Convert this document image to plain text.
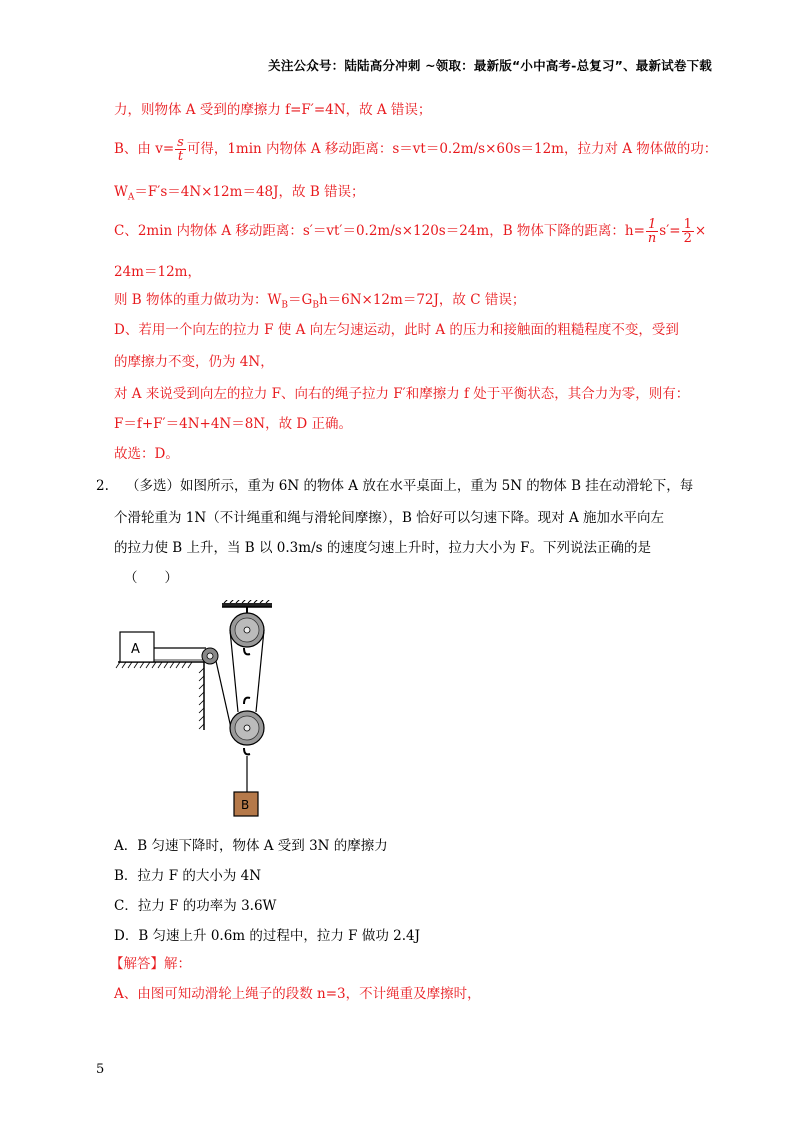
关注公众号：陆陆高分冲刺 ~领取：最新版“小中高考-总复习”、最新试卷下载
力，则物体 A 受到的摩擦力 f=F′=4N，故 A 错误；
B、由 $v= \frac{s}{t}$ 可得，1min 内物体 A 移动距离：s＝vt＝0.2m/s×60s＝12m，拉力对 A 物体做的功：
$W_A=F's=4N\times 12m=48J$，故 B 错误；
C、2min 内物体 A 移动距离：s′＝vt′＝0.2m/s×120s＝24m，B 物体下降的距离：$h= \frac{1}{n} s'= \frac{1}{2}$ ×
24m＝12m，
则 B 物体的重力做功为：$W_B=G_Bh=6N\times 12m=72J$，故 C 错误；
D、若用一个向左的拉力 F 使 A 向左匀速运动，此时 A 的压力和接触面的粗糙程度不变，受到
的摩擦力不变，仍为 4N，
对 A 来说受到向左的拉力 F、向右的绳子拉力 F′和摩擦力 f 处于平衡状态，其合力为零，则有：
F＝f+F′＝4N+4N＝8N，故 D 正确。
故选：D。
2. （多选）如图所示，重为 6N 的物体 A 放在水平桌面上，重为 5N 的物体 B 挂在动滑轮下，每
个滑轮重为 1N（不计绳重和绳与滑轮间摩擦），B 恰好可以匀速下降。现对 A 施加水平向左
的拉力使 B 上升，当 B 以 0.3m/s 的速度匀速上升时，拉力大小为 F。下列说法正确的是
（　　）
A
B
A．B 匀速下降时，物体 A 受到 3N 的摩擦力
B．拉力 F 的大小为 4N
C．拉力 F 的功率为 3.6W
D．B 匀速上升 0.6m 的过程中，拉力 F 做功 2.4J
【解答】解：
A、由图可知动滑轮上绳子的段数 n=3，不计绳重及摩擦时，
5
